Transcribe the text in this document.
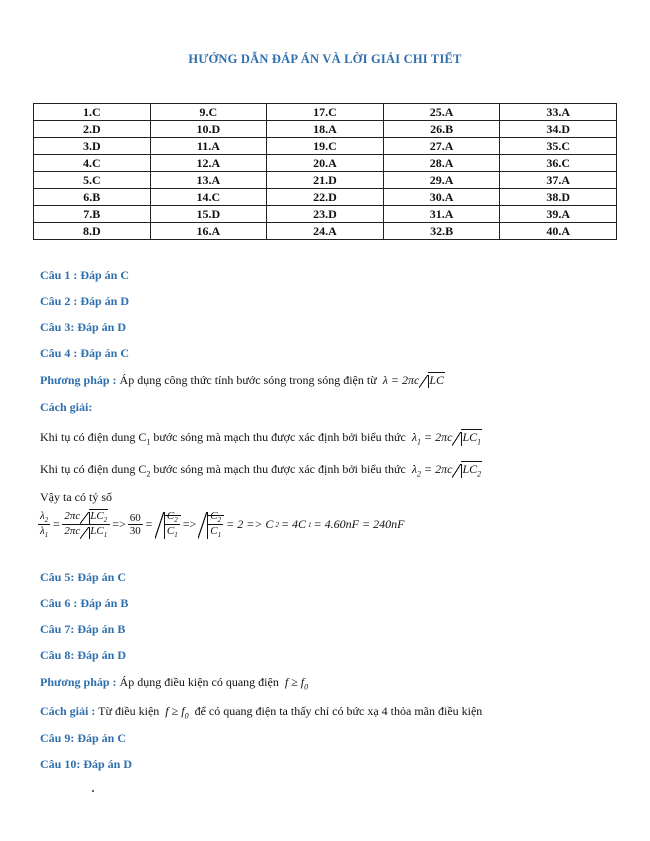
HƯỚNG DẪN ĐÁP ÁN VÀ LỜI GIẢI CHI TIẾT
1.C	9.C	17.C	25.A	33.A
2.D	10.D	18.A	26.B	34.D
3.D	11.A	19.C	27.A	35.C
4.C	12.A	20.A	28.A	36.C
5.C	13.A	21.D	29.A	37.A
6.B	14.C	22.D	30.A	38.D
7.B	15.D	23.D	31.A	39.A
8.D	16.A	24.A	32.B	40.A
Câu 1 : Đáp án C
Câu 2 : Đáp án D
Câu 3: Đáp án D
Câu 4 : Đáp án C
Phương pháp : Áp dụng công thức tính bước sóng trong sóng điện từ  λ = 2πc LC
Cách giải:
Khi tụ có điện dung $C_1$ bước sóng mà mạch thu được xác định bởi biểu thức  $\lambda_1 = 2\pi c$ $LC_1$
Khi tụ có điện dung $C_2$ bước sóng mà mạch thu được xác định bởi biểu thức  $\lambda_2 = 2\pi c$ $LC_2$
Vậy ta có tỷ số
$\frac{\lambda_2}{\lambda_1} = \frac{2\pi c LC_2}{2\pi c LC_1} => \frac{60}{30} = \frac{C_2}{C_1} => \frac{C_2}{C_1} = 2 => C$ 2 = 4C 1 = 4.60nF = 240nF
Câu 5: Đáp án C
Câu 6 : Đáp án B
Câu 7: Đáp án B
Câu 8: Đáp án D
Phương pháp : Áp dụng điều kiện có quang điện  $f \ge f_0$
Cách giải : Từ điều kiện  $f \ge f_0$ để có quang điện ta thấy chỉ có bức xạ 4 thỏa mãn điều kiện
Câu 9: Đáp án C
Câu 10: Đáp án D
